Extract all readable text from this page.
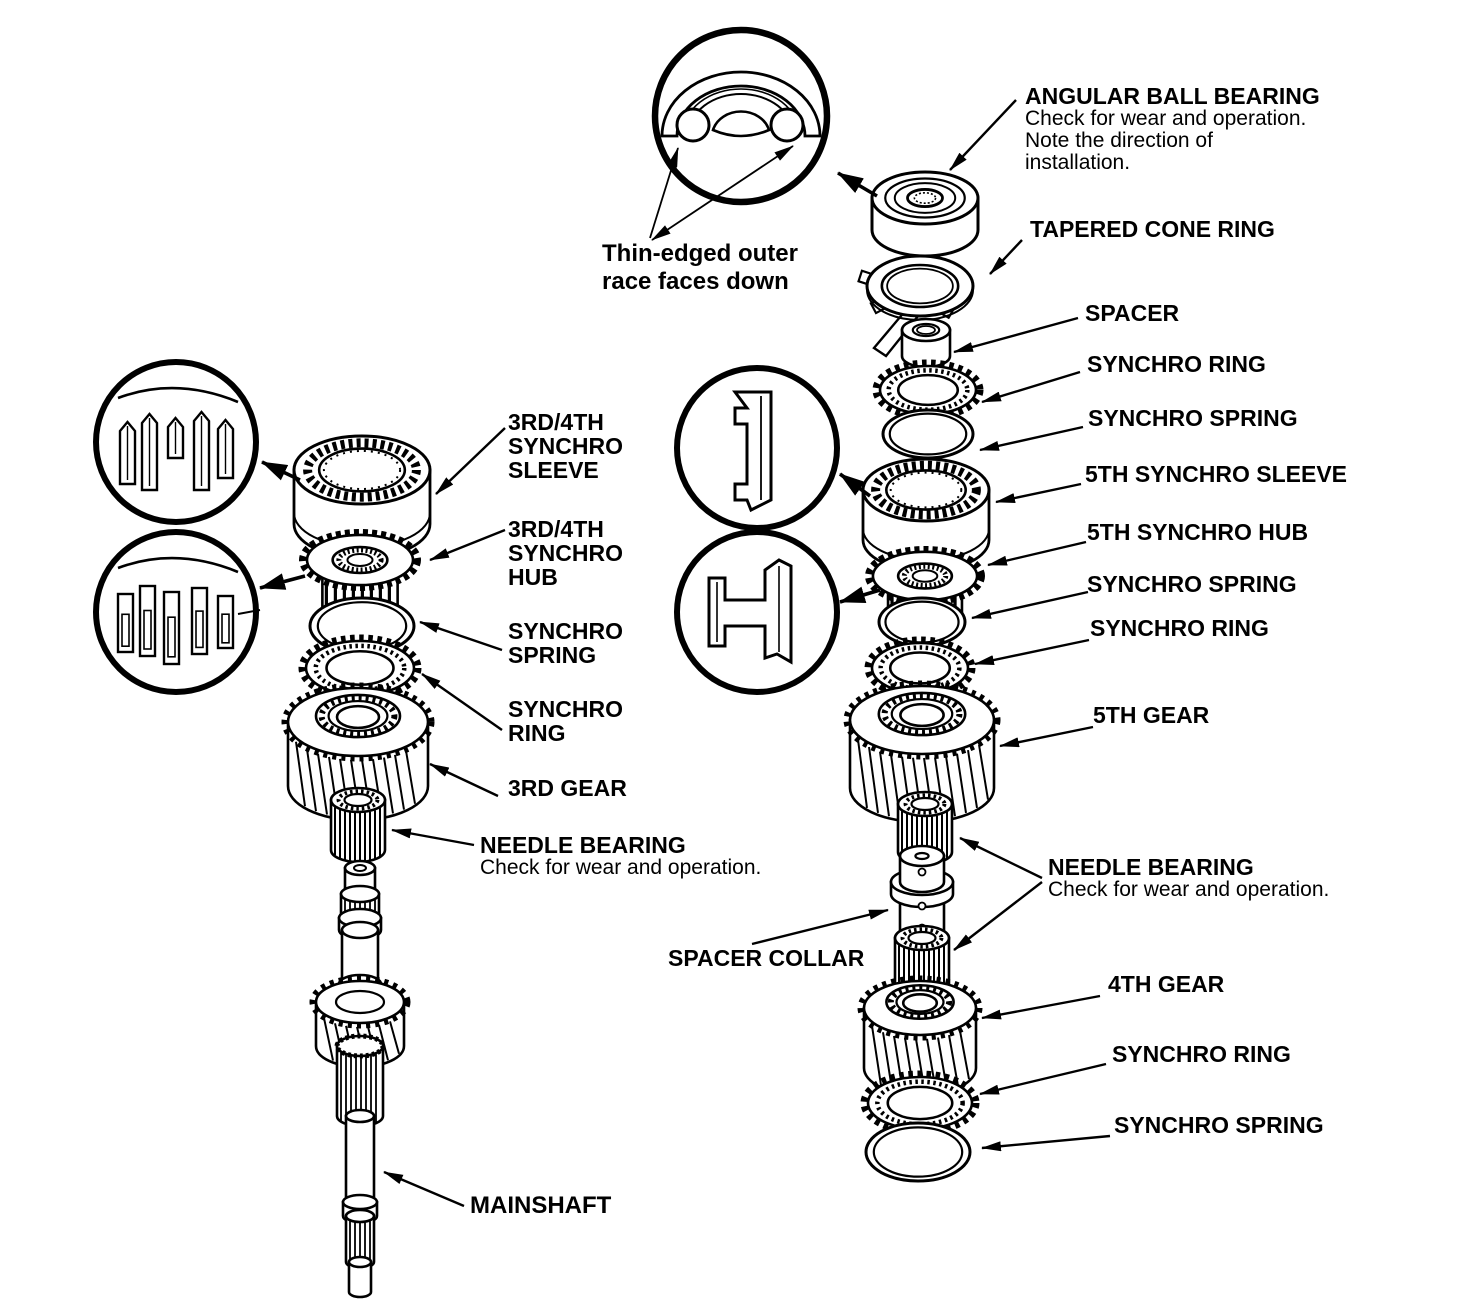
Thin-edged outer
race faces down
ANGULAR BALL BEARING
Check for wear and operation.
Note the direction of
installation.
TAPERED CONE RING
SPACER
SYNCHRO RING
SYNCHRO SPRING
5TH SYNCHRO SLEEVE
5TH SYNCHRO HUB
SYNCHRO SPRING
SYNCHRO RING
5TH GEAR
NEEDLE BEARING
Check for wear and operation.
4TH GEAR
SYNCHRO RING
SYNCHRO SPRING
3RD/4TH
SYNCHRO
SLEEVE
3RD/4TH
SYNCHRO
HUB
SYNCHRO
SPRING
SYNCHRO
RING
3RD GEAR
NEEDLE BEARING
Check for wear and operation.
SPACER COLLAR
MAINSHAFT
